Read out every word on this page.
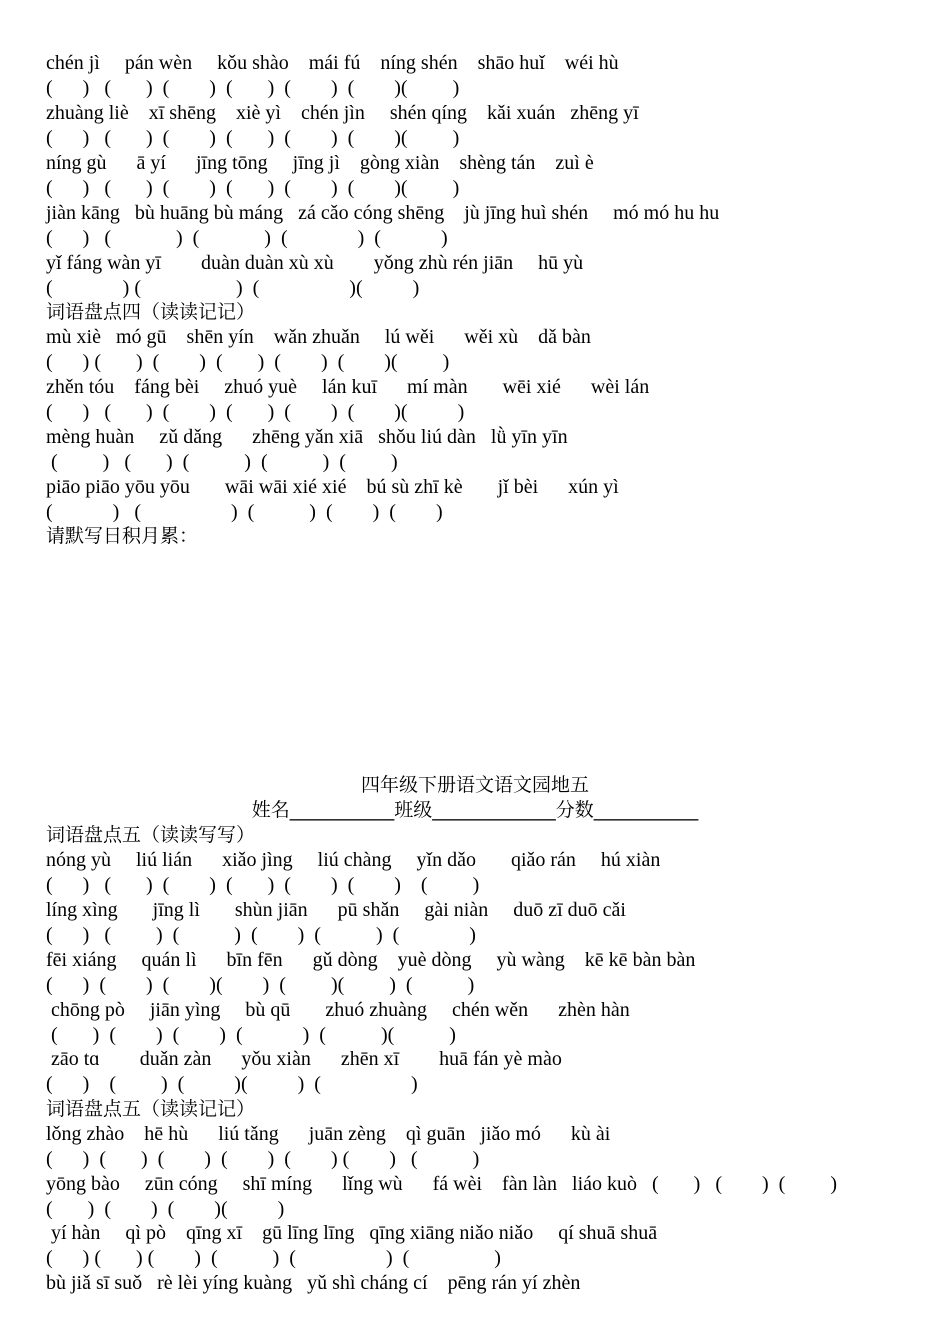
chén jì     pán wèn     kǒu shào    mái fú    níng shén    shāo huǐ    wéi hù

(      )   (       )  (        )  (       )  (        )  (        )(         )

zhuàng liè    xī shēng    xiè yì    chén jìn     shén qíng    kǎi xuán   zhēng yī

(      )   (       )  (        )  (       )  (        )  (        )(         )

níng gù      ā yí      jīng tōng     jīng jì    gòng xiàn    shèng tán    zuì è

(      )   (       )  (        )  (       )  (        )  (        )(         )

jiàn kāng   bù huāng bù máng   zá cǎo cóng shēng    jù jīng huì shén     mó mó hu hu

(      )   (             )  (             )  (              )  (            )

yǐ fáng wàn yī        duàn duàn xù xù        yǒng zhù rén jiān     hū yù

(              ) (                   )  (                  )(          )

词语盘点四（读读记记）

mù xiè   mó gū    shēn yín    wǎn zhuǎn     lú wěi      wěi xù    dǎ bàn

(      ) (       )  (        )  (       )  (        )  (        )(         )

zhěn tóu    fáng bèi     zhuó yuè     lán kuī      mí màn       wēi xié      wèi lán

(      )   (       )  (        )  (       )  (        )  (        )(          )

mèng huàn     zǔ dǎng      zhēng yǎn xiā   shǒu liú dàn   lǜ yīn yīn

(         )   (       )  (           )  (           )  (         )

piāo piāo yōu yōu       wāi wāi xié xié    bú sù zhī kè       jǐ bèi      xún yì

(            )   (                  )  (           )  (        )  (        )

请默写日积月累：

四年级下册语文语文园地五

姓名___________班级_____________分数___________

词语盘点五（读读写写）

nóng yù     liú lián      xiǎo jìng     liú chàng     yǐn dǎo       qiǎo rán     hú xiàn

(      )   (       )  (        )  (       )  (        )  (        )    (         )

líng xìng       jīng lì       shùn jiān      pū shǎn     gài niàn     duō zī duō cǎi

(      )   (         )  (           )  (        )  (           )  (              )

fēi xiáng     quán lì      bīn fēn      gǔ dòng    yuè dòng     yù wàng    kē kē bàn bàn

(      )  (        )  (        )(        )  (         )(         )  (           )

chōng pò     jiān yìng     bù qū       zhuó zhuàng     chén wěn      zhèn hàn

(       )  (        )  (        )  (            )  (           )(           )

zāo tɑ        duǎn zàn      yǒu xiàn      zhēn xī        huā fán yè mào

(      )    (         )  (          )(          )  (                  )

词语盘点五（读读记记）

lǒng zhào    hē hù      liú tǎng      juān zèng    qì guān   jiǎo mó      kù ài

(      )  (       )  (        )  (        )  (        ) (        )   (           )

yōng bào     zūn cóng     shī míng      lǐng wù      fá wèi    fàn làn   liáo kuò   (       )   (        )  (         )

(       )  (        )  (        )(          )

yí hàn     qì pò    qīng xī    gū līng līng   qīng xiāng niǎo niǎo     qí shuā shuā

(      ) (       ) (        )  (           )  (                  )  (                 )

bù jiǎ sī suǒ   rè lèi yíng kuàng   yǔ shì cháng cí    pēng rán yí zhèn
